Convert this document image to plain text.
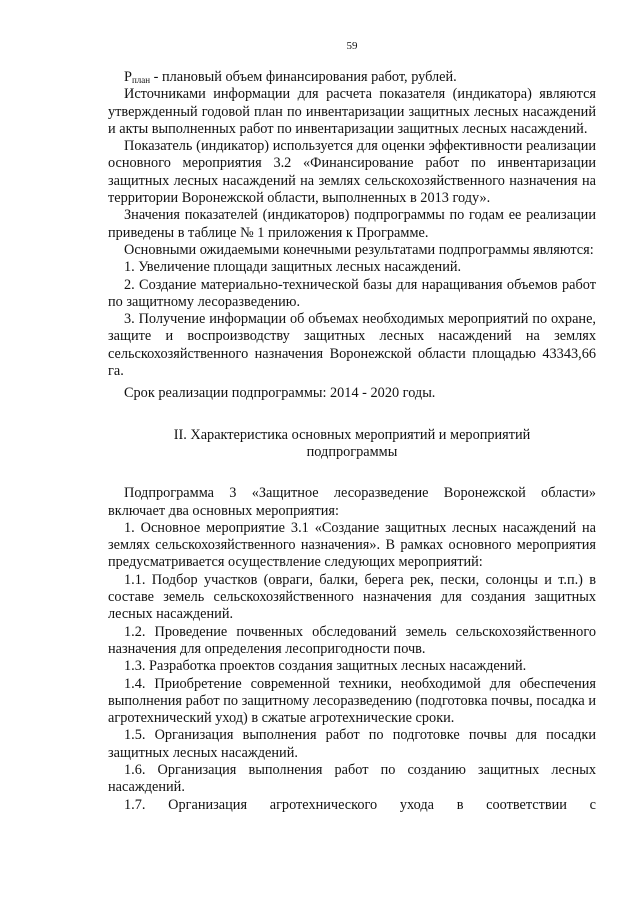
59

$P_{план}$ - плановый объем финансирования работ, рублей.

Источниками информации для расчета показателя (индикатора) являются утвержденный годовой план по инвентаризации защитных лесных насаждений и акты выполненных работ по инвентаризации защитных лесных насаждений.

Показатель (индикатор) используется для оценки эффективности реализации основного мероприятия 3.2 «Финансирование работ по инвентаризации защитных лесных насаждений на землях сельскохозяйственного назначения на территории Воронежской области, выполненных в 2013 году».

Значения показателей (индикаторов) подпрограммы по годам ее реализации приведены в таблице № 1 приложения к Программе.

Основными ожидаемыми конечными результатами подпрограммы являются:

1. Увеличение площади защитных лесных насаждений.

2. Создание материально-технической базы для наращивания объемов работ по защитному лесоразведению.

3. Получение информации об объемах необходимых мероприятий по охране, защите и воспроизводству защитных лесных насаждений на землях сельскохозяйственного назначения Воронежской области площадью 43343,66 га.

Срок реализации подпрограммы: 2014 - 2020 годы.

II. Характеристика основных мероприятий и мероприятий подпрограммы

Подпрограмма 3 «Защитное лесоразведение Воронежской области» включает два основных мероприятия:

1. Основное мероприятие 3.1 «Создание защитных лесных насаждений на землях сельскохозяйственного назначения». В рамках основного мероприятия предусматривается осуществление следующих мероприятий:

1.1. Подбор участков (овраги, балки, берега рек, пески, солонцы и т.п.) в составе земель сельскохозяйственного назначения для создания защитных лесных насаждений.

1.2. Проведение почвенных обследований земель сельскохозяйственного назначения для определения лесопригодности почв.

1.3. Разработка проектов создания защитных лесных насаждений.

1.4. Приобретение современной техники, необходимой для обеспечения выполнения работ по защитному лесоразведению (подготовка почвы, посадка и агротехнический уход) в сжатые агротехнические сроки.

1.5. Организация выполнения работ по подготовке почвы для посадки защитных лесных насаждений.

1.6. Организация выполнения работ по созданию защитных лесных насаждений.

1.7. Организация агротехнического ухода в соответствии с
